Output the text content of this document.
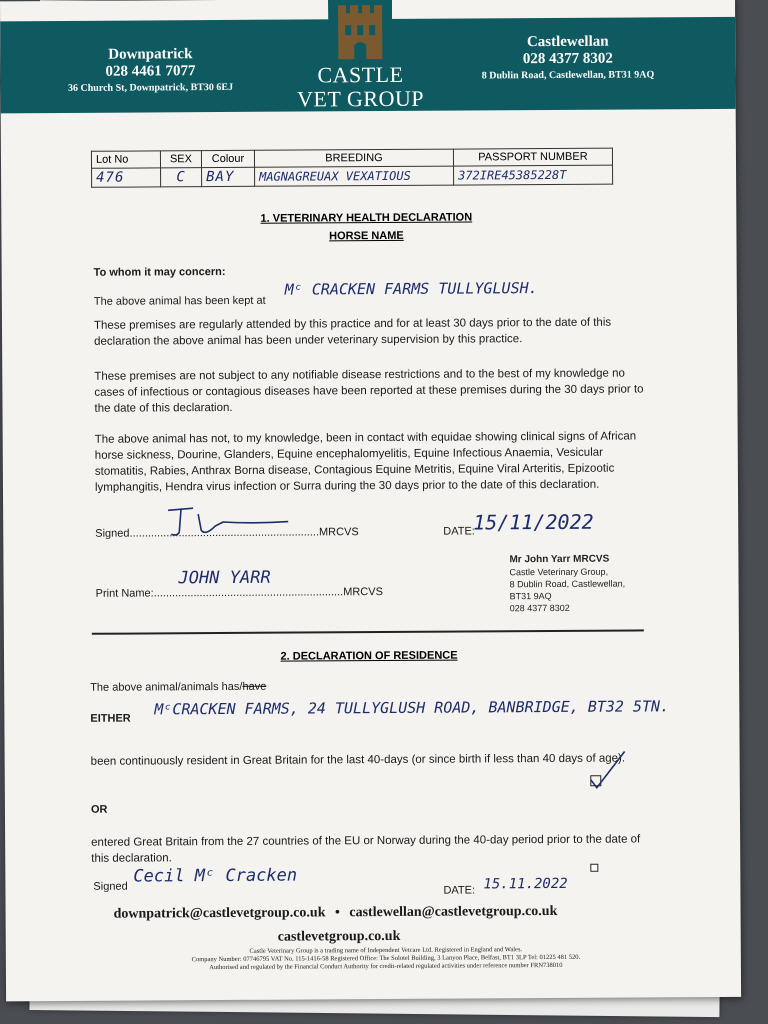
Downpatrick
028 4461 7077
36 Church St, Downpatrick, BT30 6EJ
CASTLE
VET GROUP
Castlewellan
028 4377 8302
8 Dublin Road, Castlewellan, BT31 9AQ
Lot No	SEX	Colour	BREEDING	PASSPORT NUMBER
476	C	BAY	MAGNAGREUAX VEXATIOUS	372IRE45385228T
1. VETERINARY HEALTH DECLARATION
HORSE NAME
To whom it may concern:
The above animal has been kept at
Mᶜ CRACKEN FARMS TULLYGLUSH.
These premises are regularly attended by this practice and for at least 30 days prior to the date of this declaration the above animal has been under veterinary supervision by this practice.
These premises are not subject to any notifiable disease restrictions and to the best of my knowledge no cases of infectious or contagious diseases have been reported at these premises during the 30 days prior to the date of this declaration.
The above animal has not, to my knowledge, been in contact with equidae showing clinical signs of African horse sickness, Dourine, Glanders, Equine encephalomyelitis, Equine Infectious Anaemia, Vesicular stomatitis, Rabies, Anthrax Borna disease, Contagious Equine Metritis, Equine Viral Arteritis, Epizootic lymphangitis, Hendra virus infection or Surra during the 30 days prior to the date of this declaration.
Signed..............................................................MRCVS	DATE:
15/11/2022
Print Name:..............................................................MRCVS
JOHN YARR
Mr John Yarr MRCVS
Castle Veterinary Group,
8 Dublin Road, Castlewellan,
BT31 9AQ
028 4377 8302
2. DECLARATION OF RESIDENCE
The above animal/animals has/have
EITHER
MᶜCRACKEN FARMS, 24 TULLYGLUSH ROAD, BANBRIDGE, BT32 5TN.
been continuously resident in Great Britain for the last 40-days (or since birth if less than 40 days of age).
OR
entered Great Britain from the 27 countries of the EU or Norway during the 40-day period prior to the date of this declaration.
Signed
Cecil Mᶜ Cracken
DATE: 15.11.2022
downpatrick@castlevetgroup.co.uk • castlewellan@castlevetgroup.co.uk
castlevetgroup.co.uk
Castle Veterinary Group is a trading name of Independent Vetcare Ltd. Registered in England and Wales.
Company Number: 07746795 VAT No. 115-1416-58 Registered Office: The Solotel Building, 3 Lanyon Place, Belfast, BT1 3LP Tel: 01225 481 520.
Authorised and regulated by the Financial Conduct Authority for credit-related regulated activities under reference number FRN738010
